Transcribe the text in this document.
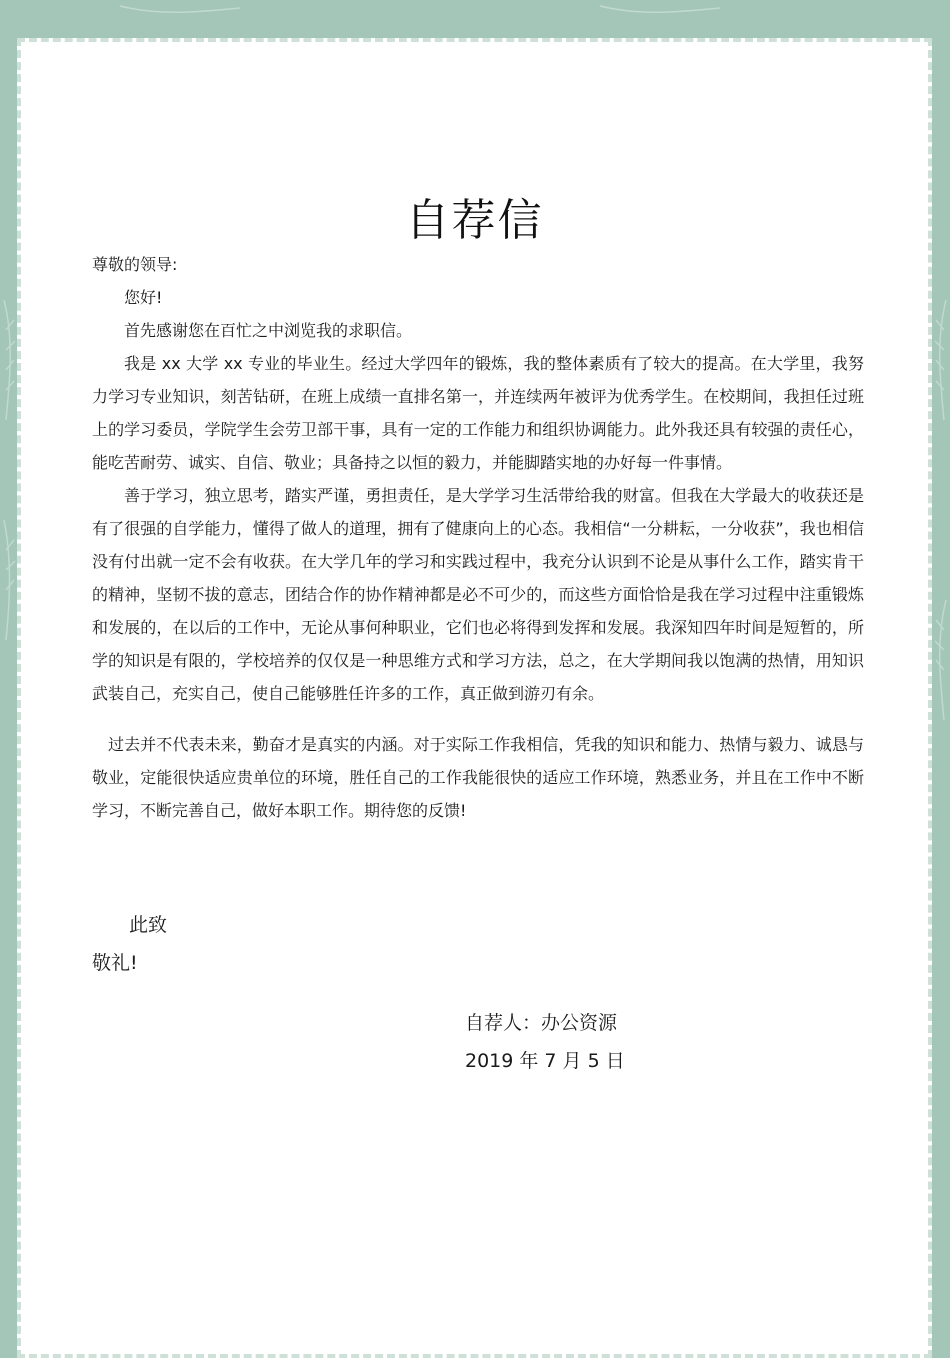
自荐信

尊敬的领导:

您好!

首先感谢您在百忙之中浏览我的求职信。

我是 xx 大学 xx 专业的毕业生。经过大学四年的锻炼，我的整体素质有了较大的提高。在大学里，我努力学习专业知识，刻苦钻研，在班上成绩一直排名第一，并连续两年被评为优秀学生。在校期间，我担任过班上的学习委员，学院学生会劳卫部干事，具有一定的工作能力和组织协调能力。此外我还具有较强的责任心，能吃苦耐劳、诚实、自信、敬业；具备持之以恒的毅力，并能脚踏实地的办好每一件事情。

善于学习，独立思考，踏实严谨，勇担责任，是大学学习生活带给我的财富。但我在大学最大的收获还是有了很强的自学能力，懂得了做人的道理，拥有了健康向上的心态。我相信“一分耕耘，一分收获”，我也相信没有付出就一定不会有收获。在大学几年的学习和实践过程中，我充分认识到不论是从事什么工作，踏实肯干的精神，坚韧不拔的意志，团结合作的协作精神都是必不可少的，而这些方面恰恰是我在学习过程中注重锻炼和发展的，在以后的工作中，无论从事何种职业，它们也必将得到发挥和发展。我深知四年时间是短暂的，所学的知识是有限的，学校培养的仅仅是一种思维方式和学习方法，总之，在大学期间我以饱满的热情，用知识武装自己，充实自己，使自己能够胜任许多的工作，真正做到游刃有余。

过去并不代表未来，勤奋才是真实的内涵。对于实际工作我相信，凭我的知识和能力、热情与毅力、诚恳与敬业，定能很快适应贵单位的环境，胜任自己的工作我能很快的适应工作环境，熟悉业务，并且在工作中不断学习，不断完善自己，做好本职工作。期待您的反馈!

此致
敬礼!
自荐人：办公资源
2019 年 7 月 5 日
